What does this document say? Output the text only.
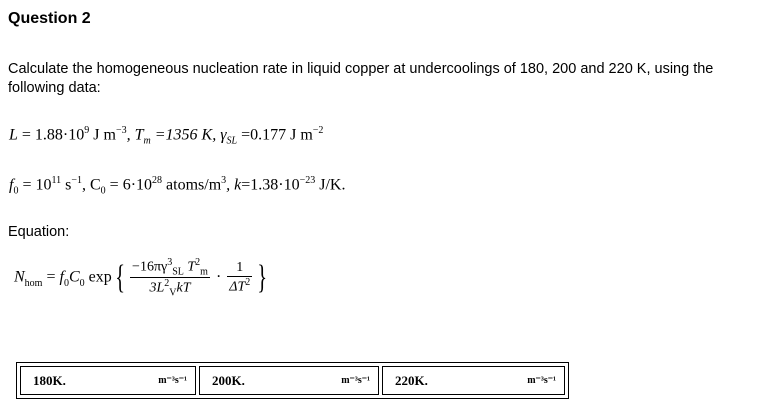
Question 2
Calculate the homogeneous nucleation rate in liquid copper at undercoolings of 180, 200 and 220 K, using the following data:
$L = 1.88\cdot 10^9$ J $m^{-3}$, $T_m =1356$ K, $\gamma_{SL} =0.177$ J $m^{-2}$
$f_0 = 10^{11}$ $s^{-1}$, $C_0 = 6\cdot 10^{28}$ atoms/$m^3$, $k=1.38\cdot 10^{-23}$ J/K.
Equation:
$N_{hom} = f_0C_0$ $\exp\{ \frac{-16\pi\gamma^3_{SL} T^2_m}{3L^2_VkT} \cdot \frac{1}{\Delta T^2}$ }
180K.	m⁻³s⁻¹ 200K.	m⁻³s⁻¹ 220K.	m⁻³s⁻¹
